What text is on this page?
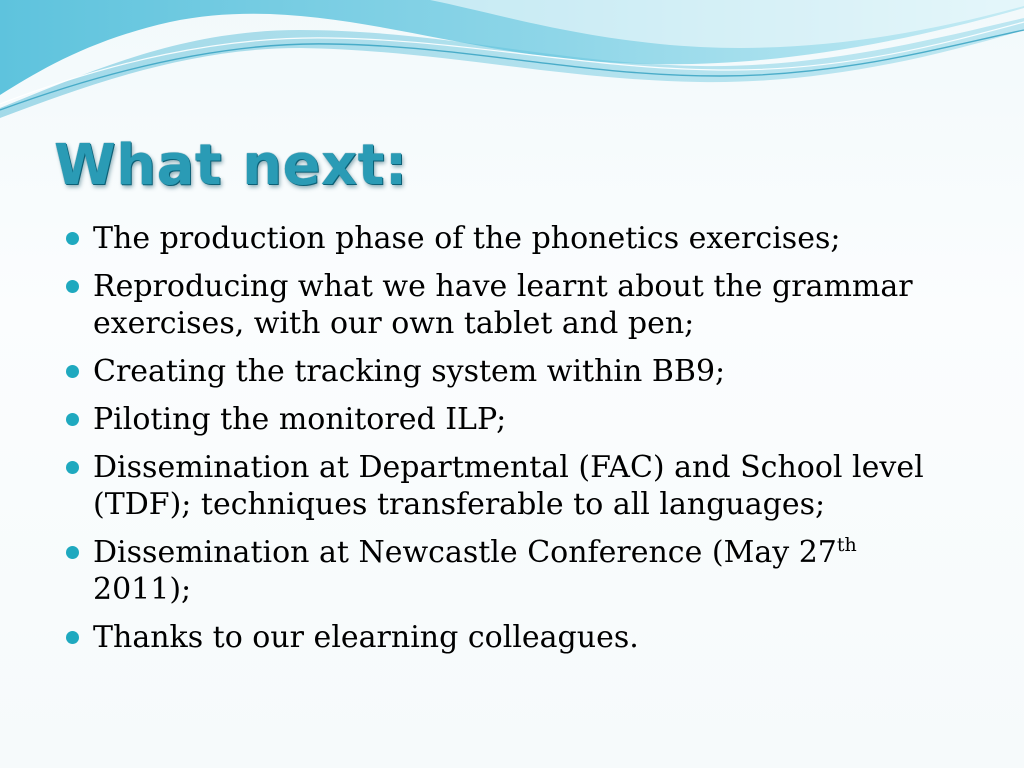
What next:
The production phase of the phonetics exercises;
Reproducing what we have learnt about the grammar exercises, with our own tablet and pen;
Creating the tracking system within BB9;
Piloting the monitored ILP;
Dissemination at Departmental (FAC) and School level (TDF); techniques transferable to all languages;
Dissemination at Newcastle Conference (May 27th 2011);
Thanks to our elearning colleagues.
